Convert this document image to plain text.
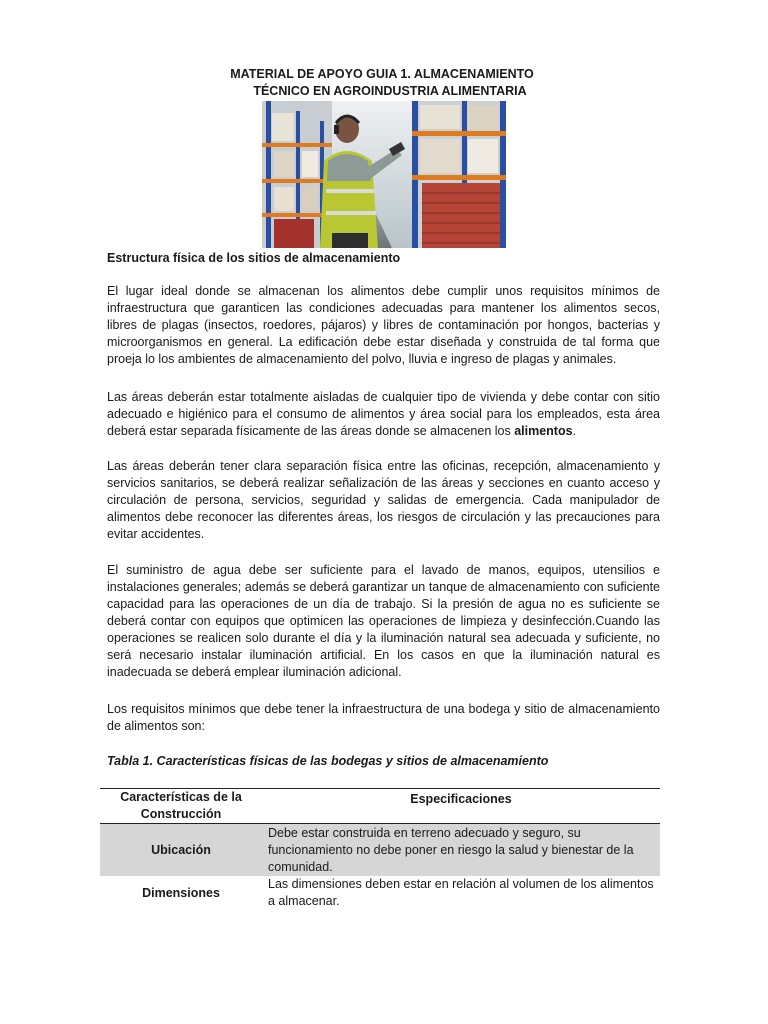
MATERIAL DE APOYO GUIA 1. ALMACENAMIENTO
TÉCNICO EN AGROINDUSTRIA ALIMENTARIA
Estructura física de los sitios de almacenamiento

El lugar ideal donde se almacenan los alimentos debe cumplir unos requisitos mínimos de infraestructura que garanticen las condiciones adecuadas para mantener los alimentos secos, libres de plagas (insectos, roedores, pájaros) y libres de contaminación por hongos, bacterias y microorganismos en general. La edificación debe estar diseñada y construida de tal forma que proeja lo los ambientes de almacenamiento del polvo, lluvia e ingreso de plagas y animales.

Las áreas deberán estar totalmente aisladas de cualquier tipo de vivienda y debe contar con sitio adecuado e higiénico para el consumo de alimentos y área social para los empleados, esta área deberá estar separada físicamente de las áreas donde se almacenen los alimentos.

Las áreas deberán tener clara separación física entre las oficinas, recepción, almacenamiento y servicios sanitarios, se deberá realizar señalización de las áreas y secciones en cuanto acceso y circulación de persona, servicios, seguridad y salidas de emergencia. Cada manipulador de alimentos debe reconocer las diferentes áreas, los riesgos de circulación y las precauciones para evitar accidentes.

El suministro de agua debe ser suficiente para el lavado de manos, equipos, utensilios e instalaciones generales; además se deberá garantizar un tanque de almacenamiento con suficiente capacidad para las operaciones de un día de trabajo. Si la presión de agua no es suficiente se deberá contar con equipos que optimicen las operaciones de limpieza y desinfección.Cuando las operaciones se realicen solo durante el día y la iluminación natural sea adecuada y suficiente, no será necesario instalar iluminación artificial. En los casos en que la iluminación natural es inadecuada se deberá emplear iluminación adicional.

Los requisitos mínimos que debe tener la infraestructura de una bodega y sitio de almacenamiento de alimentos son:

Tabla 1. Características físicas de las bodegas y sitios de almacenamiento
Características de la Construcción
Especificaciones
Ubicación
Debe estar construida en terreno adecuado y seguro, su funcionamiento no debe poner en riesgo la salud y bienestar de la comunidad.
Dimensiones
Las dimensiones deben estar en relación al volumen de los alimentos a almacenar.
